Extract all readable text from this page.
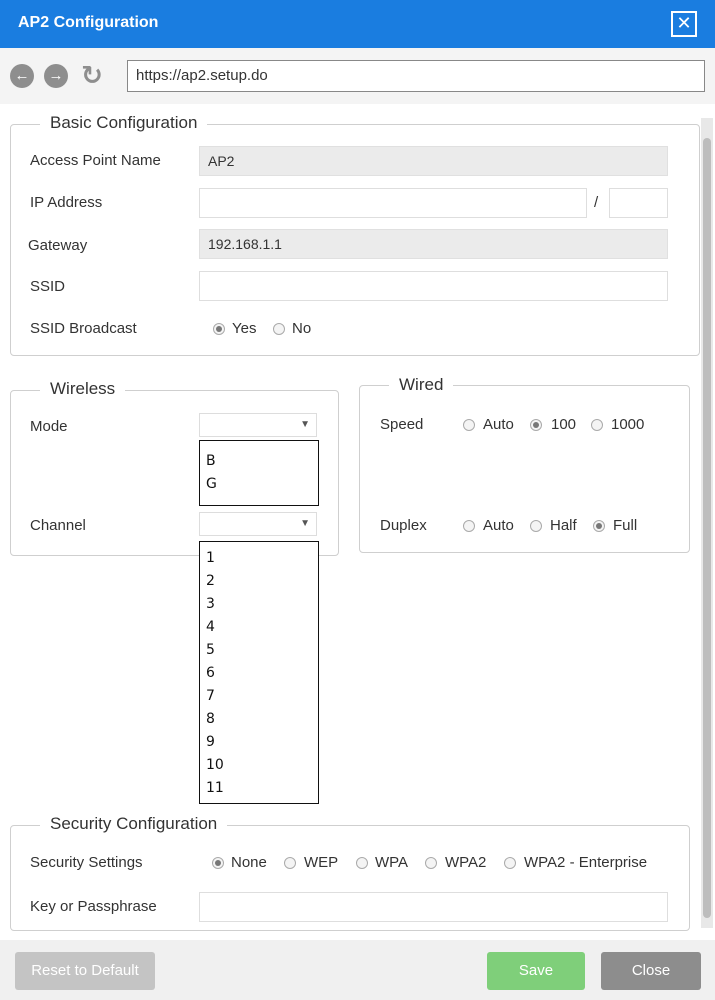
AP2 Configuration	✕
←	→ ↻	https://ap2.setup.do
Basic Configuration
Access Point Name	AP2
IP Address	/
Gateway	192.168.1.1
SSID
SSID Broadcast	Yes No
Wireless
Mode	▼
B
G
Channel	▼
1
2
3
4
5
6
7
8
9
10
11
Wired
Speed	Auto 100 1000
Duplex	Auto Half Full
Security Configuration
Security Settings	None WEP WPA WPA2	WPA2 - Enterprise
Key or Passphrase
Reset to Default	Save	Close
